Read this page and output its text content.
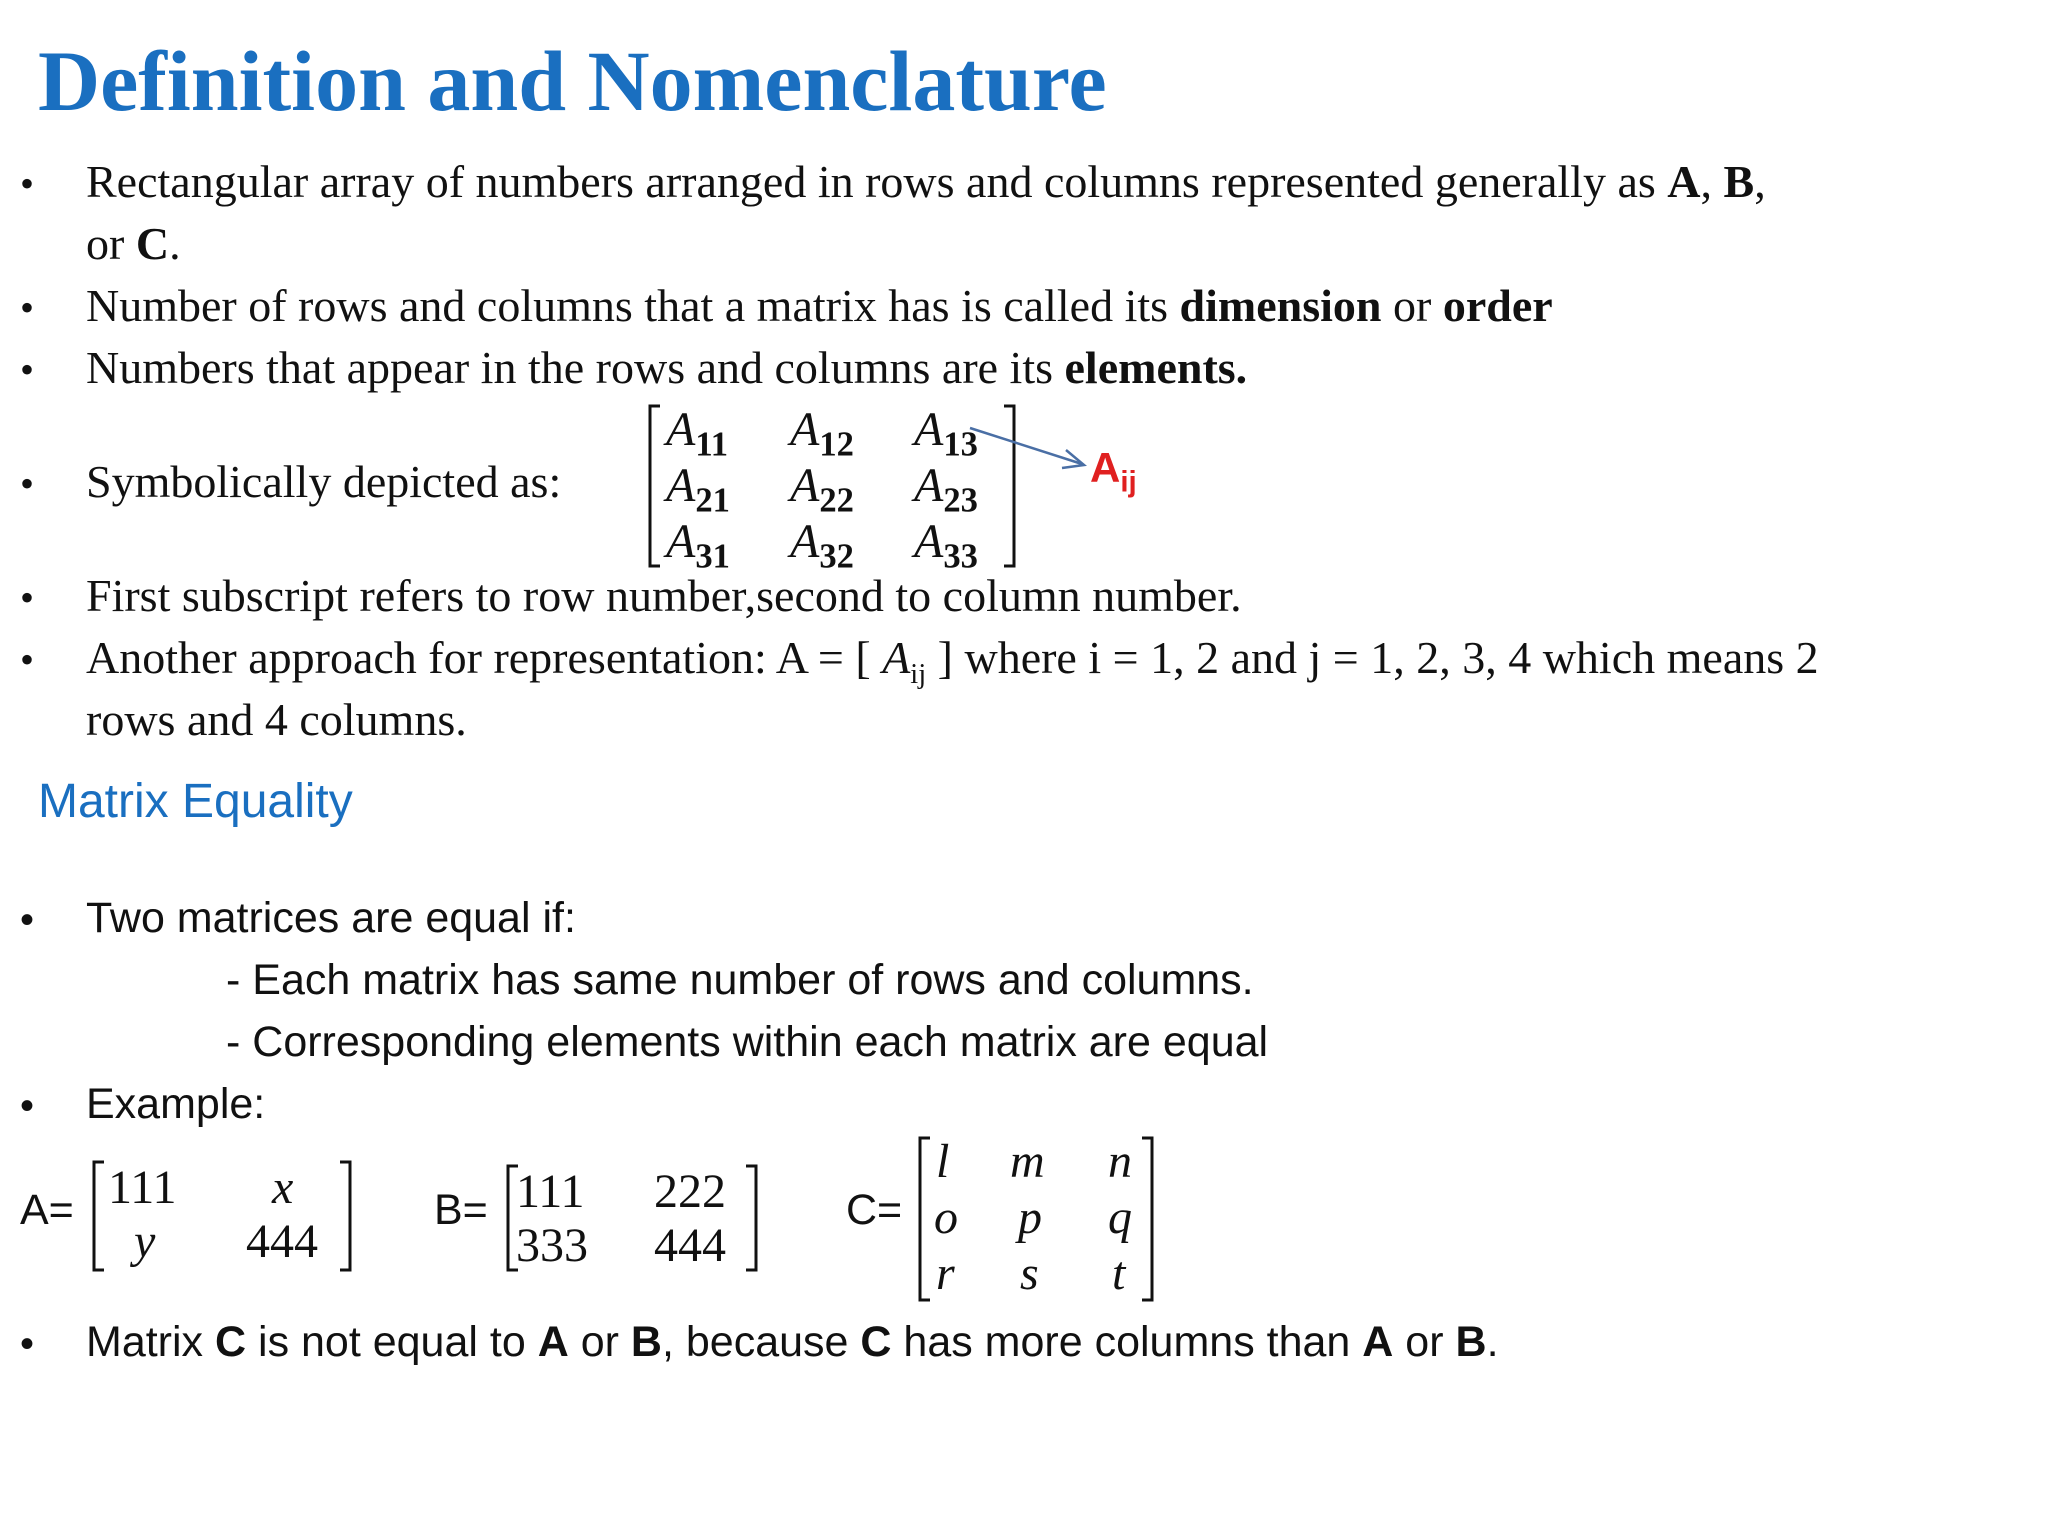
Definition and Nomenclature
• Rectangular array of numbers arranged in rows and columns represented generally as A, B,
or C.
• Number of rows and columns that a matrix has is called its dimension or order
• Numbers that appear in the rows and columns are its elements.
• Symbolically depicted as:
$A_{11}$ $A_{12}$ $A_{13}$
$A_{21}$ $A_{22}$ $A_{23}$
$A_{31}$ $A_{32}$ $A_{33}$
$A_{ij}$
• First subscript refers to row number,second to column number.
• Another approach for representation: A = [ $A_{ij}$ ] where i = 1, 2 and j = 1, 2, 3, 4 which means 2
rows and 4 columns.
Matrix Equality
• Two matrices are equal if:
- Each matrix has same number of rows and columns.
- Corresponding elements within each matrix are equal
• Example:
A= 111 x
y 444
B= 111 222
333 444
C=
l m n
o p q
r s t
• Matrix C is not equal to A or B, because C has more columns than A or B.
